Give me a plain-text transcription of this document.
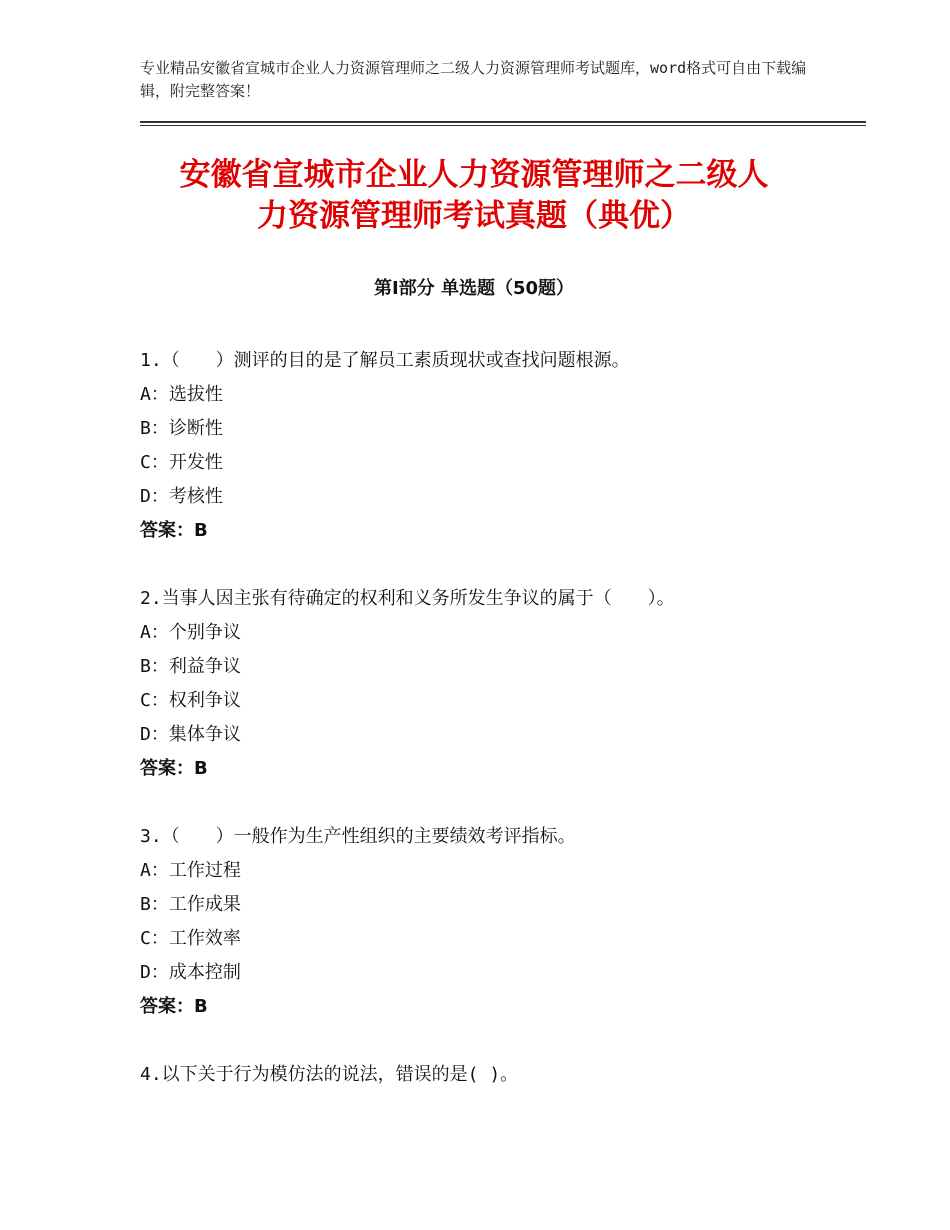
专业精品安徽省宣城市企业人力资源管理师之二级人力资源管理师考试题库，word格式可自由下载编辑，附完整答案！
安徽省宣城市企业人力资源管理师之二级人
力资源管理师考试真题（典优）
第Ⅰ部分 单选题（50题）
1.（　　）测评的目的是了解员工素质现状或查找问题根源。
A：选拔性
B：诊断性
C：开发性
D：考核性
答案：B
2.当事人因主张有待确定的权利和义务所发生争议的属于（　　）。
A：个别争议
B：利益争议
C：权利争议
D：集体争议
答案：B
3.（　　）一般作为生产性组织的主要绩效考评指标。
A：工作过程
B：工作成果
C：工作效率
D：成本控制
答案：B
4.以下关于行为模仿法的说法，错误的是( )。
